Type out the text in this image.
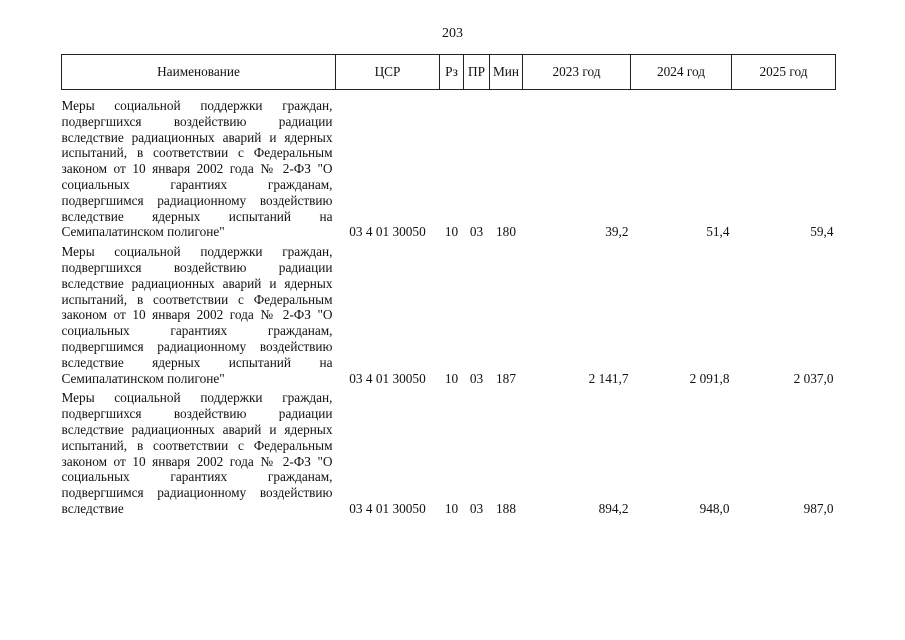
203
Наименование	ЦСР	Рз	ПР	Мин	2023 год	2024 год	2025 год

Меры социальной поддержки граждан, подвергшихся воздействию радиации вследствие радиационных аварий и ядерных испытаний, в соответствии с Федеральным законом от 10 января 2002 года № 2-ФЗ "О социальных гарантиях гражданам, подвергшимся радиационному воздействию вследствие ядерных испытаний на Семипалатинском полигоне"	03 4 01 30050	10	03	180	39,2	51,4	59,4

Меры социальной поддержки граждан, подвергшихся воздействию радиации вследствие радиационных аварий и ядерных испытаний, в соответствии с Федеральным законом от 10 января 2002 года № 2-ФЗ "О социальных гарантиях гражданам, подвергшимся радиационному воздействию вследствие ядерных испытаний на Семипалатинском полигоне"	03 4 01 30050	10	03	187	2 141,7	2 091,8	2 037,0

Меры социальной поддержки граждан, подвергшихся воздействию радиации вследствие радиационных аварий и ядерных испытаний, в соответствии с Федеральным законом от 10 января 2002 года № 2-ФЗ "О социальных гарантиях гражданам, подвергшимся радиационному воздействию вследствие	03 4 01 30050	10	03	188	894,2	948,0	987,0
